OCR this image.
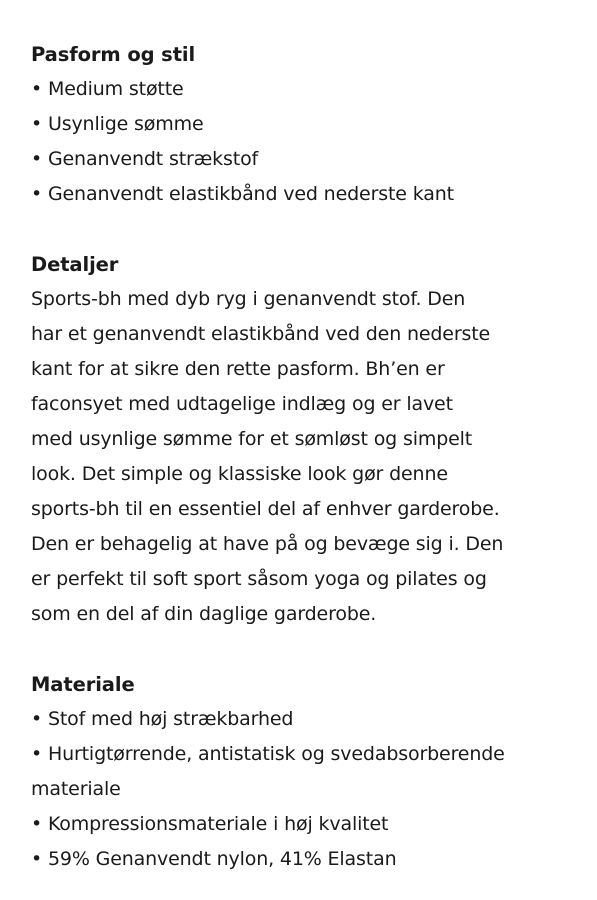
Pasform og stil
• Medium støtte
• Usynlige sømme
• Genanvendt strækstof
• Genanvendt elastikbånd ved nederste kant
Detaljer

Sports-bh med dyb ryg i genanvendt stof. Den
har et genanvendt elastikbånd ved den nederste
kant for at sikre den rette pasform. Bh’en er
faconsyet med udtagelige indlæg og er lavet
med usynlige sømme for et sømløst og simpelt
look. Det simple og klassiske look gør denne
sports-bh til en essentiel del af enhver garderobe.
Den er behagelig at have på og bevæge sig i. Den
er perfekt til soft sport såsom yoga og pilates og
som en del af din daglige garderobe.

Materiale
• Stof med høj strækbarhed
• Hurtigtørrende, antistatisk og svedabsorberende
materiale
• Kompressionsmateriale i høj kvalitet
• 59% Genanvendt nylon, 41% Elastan
